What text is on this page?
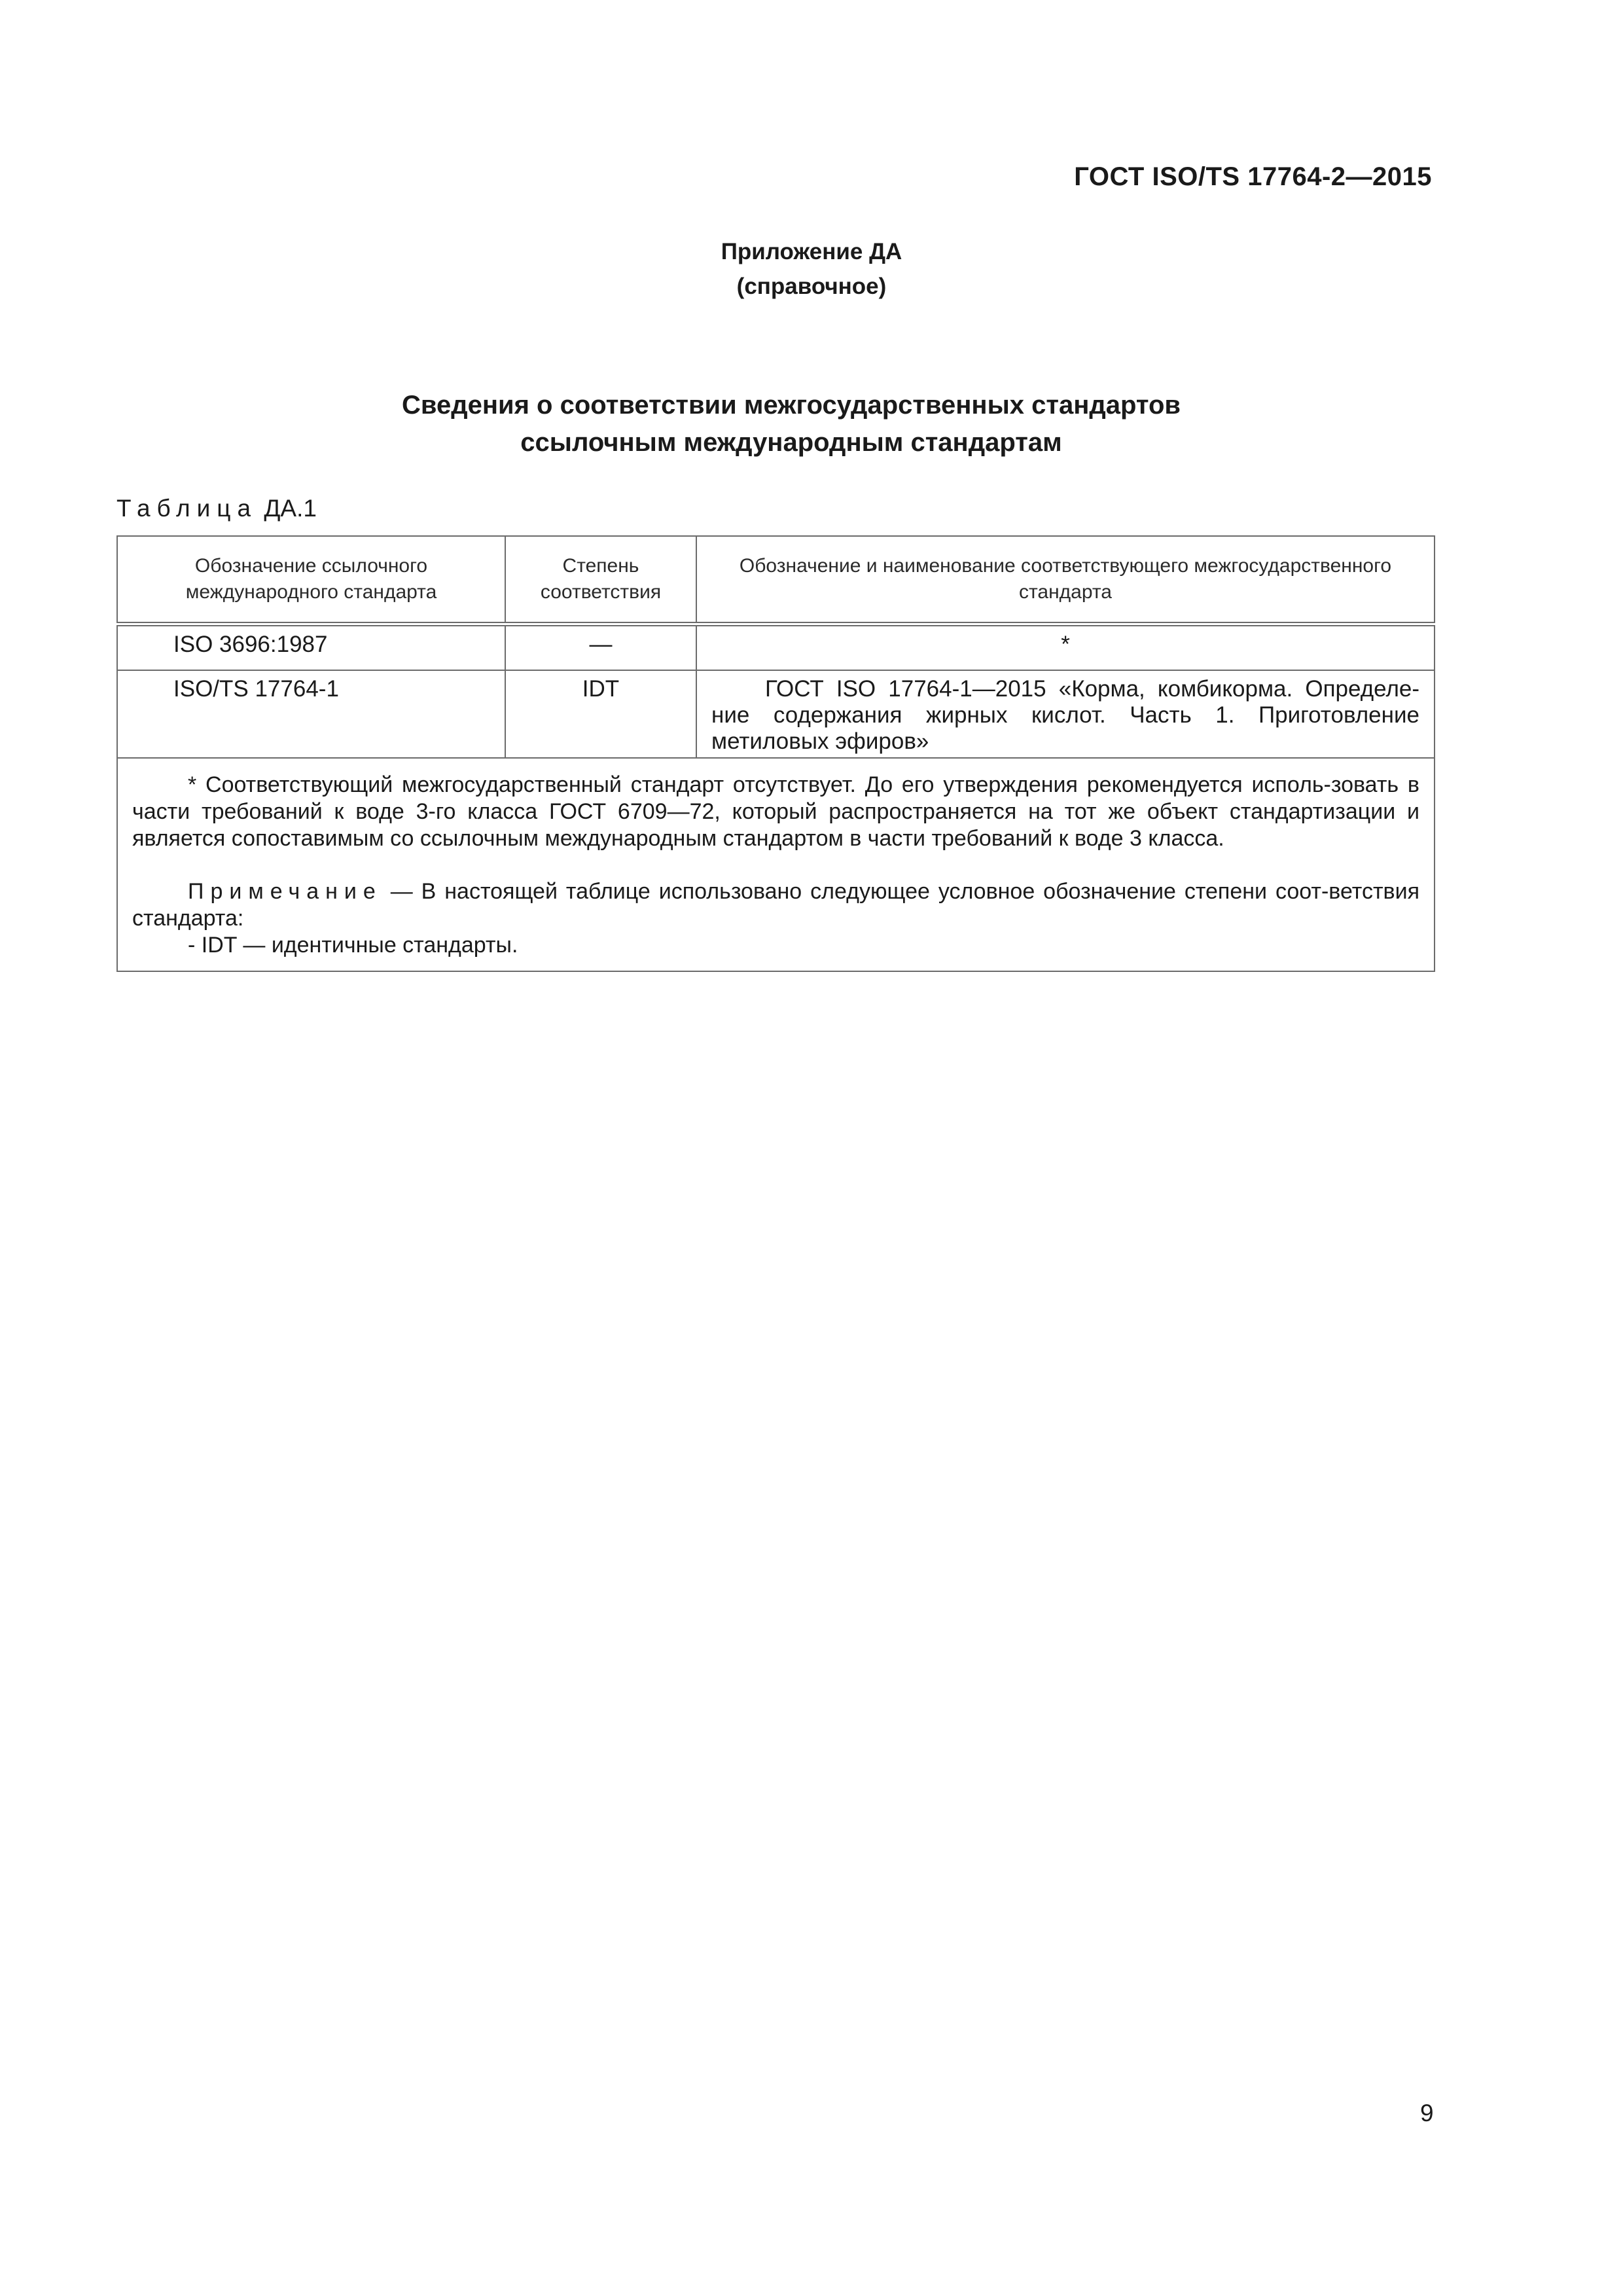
ГОСТ ISO/TS 17764-2—2015
Приложение ДА
(справочное)
Сведения о соответствии межгосударственных стандартов
ссылочным международным стандартам
Таблица ДА.1
Обозначение ссылочного международного стандарта	Степень соответствия	Обозначение и наименование соответствующего межгосударственного стандарта
ISO 3696:1987	—	*
ISO/TS 17764-1	IDT	ГОСТ ISO 17764-1—2015 «Корма, комбикорма. Определе-ние содержания жирных кислот. Часть 1. Приготовление метиловых эфиров»

* Соответствующий межгосударственный стандарт отсутствует. До его утверждения рекомендуется исполь-зовать в части требований к воде 3-го класса ГОСТ 6709—72, который распространяется на тот же объект стандартизации и является сопоставимым со ссылочным международным стандартом в части требований к воде 3 класса.

Примечание — В настоящей таблице использовано следующее условное обозначение степени соот-ветствия стандарта:

- IDT — идентичные стандарты.		

9
